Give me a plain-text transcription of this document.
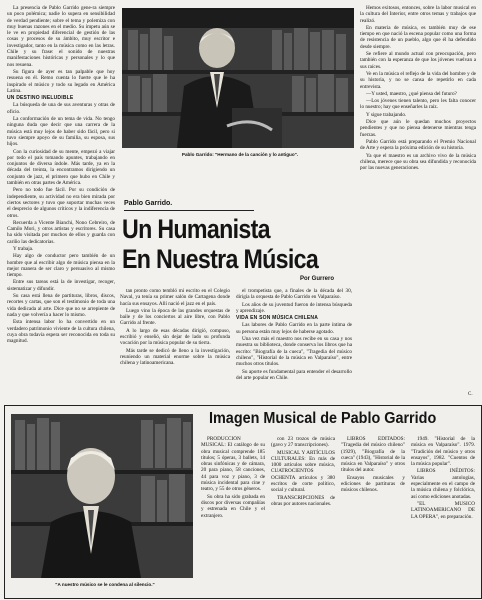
La presencia de Pablo Garrido gene-ra siempre un poco polémica; nadie lo supera en sensibilidad de verdad pendiente; sobre el tema y polemiza con muy buenas razones en el medio. Su ímpetu aún se le ve en propiedad diferencial de gestión de las cosas y procesos de su ámbito, muy escritor e investigador, tanto en la música como en las letras. Chile y su frase: el sonido de nuestras manifestaciones históricas y personales y lo que nos resuena.

Su figura de ayer es tan palpable que hoy resuena en él. Remo cuenta lo fuerte que le ha inspirado el músico y todo su legado en América Latina.

UN DESTINO INELUDIBLE

La búsqueda de una de sus aventuras y otras de oficio.

La conformación de un tema de vida. No tengo ninguna duda que decir que una carrera de la música está muy lejos de haber sido fácil, pero si tuvo siempre apoyo de su familia, su esposa, sus hijos.

Con la curiosidad de su mente, empezó a viajar por todo el país tomando apuntes, trabajando en conjuntos de diversa índole. Más tarde, ya en la década del treinta, la encontramos dirigiendo un conjunto de jazz, el primero que hubo en Chile y también en otras partes de América.

Pero no todo fue fácil. Por su condición de independiente, su actividad no era bien mirada por ciertos sectores y tuvo que soportar muchas veces el desprecio de algunos críticos y la indiferencia de otros.

Recuerda a Vicente Bianchi, Nono Cebreiro, de Camilo Mori, y otros artistas y escritores. Su casa ha sido visitada por muchos de ellos y guarda con cariño las dedicatorias.

Y trabaja.

Hay algo de conductor pero también de un hombre que al escribir algo de música piensa en la mejor manera de ser claro y persuasivo al mismo tiempo.

Entre sus tareas está la de investigar, recoger, sistematizar y difundir.

Su casa está llena de partituras, libros, discos, recortes y cartas, que son el testimonio de toda una vida dedicada al arte. Dice que no se arrepiente de nada y que volvería a hacer lo mismo.

Esta intensa labor lo ha convertido en un verdadero patrimonio viviente de la cultura chilena, cuya obra todavía espera ser reconocida en toda su magnitud.

Pablo Garrido: "Hermano de la canción y lo antiguo".
Pablo Garrido.
Un Humanista
En Nuestra Música
Por Gurrero

tan pronto como tembló mi escrito en el Colegio Naval, ya tenía su primer salón de Cartagena donde hacía sus ensayos. Allí nació el jazz en el país.

Luego vino la época de las grandes orquestas de baile y de los conciertos al aire libre, con Pablo Garrido al frente.

A lo largo de esas décadas dirigió, compuso, escribió y enseñó, sin dejar de lado su profunda vocación por la música popular de su tierra.

Más tarde se dedicó de lleno a la investigación, reuniendo un material enorme sobre la música chilena y latinoamericana.

el trompetista que, a finales de la década del 30, dirigía la orquesta de Pablo Garrido en Valparaíso.

Los años de su juventud fueron de intensa búsqueda y aprendizaje.

VIDA EN SON MÚSICA CHILENA

Las labores de Pablo Garrido en la parte íntima de su persona están muy lejos de haberse agotado.

Una vez más el maestro nos recibe en su casa y nos muestra su biblioteca, donde conserva los libros que ha escrito: "Biografía de la cueca", "Tragedia del músico chileno", "Historial de la música en Valparaíso", entre muchos otros títulos.

Su aporte es fundamental para entender el desarrollo del arte popular en Chile.

Hemos exitosos, entonces, sobre la labor musical en la cultura del Interior, entre otros temas y trabajos que realizó.

En materia de música, es también muy de ese tiempo en que nació la escena popular como una forma de resistencia de un pueblo, algo que él ha defendido desde siempre.

Se refiere al mundo actual con preocupación, pero también con la esperanza de que los jóvenes vuelvan a sus raíces.

Ve en la música el reflejo de la vida del hombre y de su historia, y no se cansa de repetirlo en cada entrevista.

—Y usted, maestro, ¿qué piensa del futuro?

—Los jóvenes tienen talento, pero les falta conocer lo nuestro; hay que enseñarles la raíz.

Y sigue trabajando.

Dice que aún le quedan muchos proyectos pendientes y que no piensa detenerse mientras tenga fuerzas.

Pablo Garrido está preparando el Premio Nacional de Arte y espera la próxima edición de su historia.

Ya que el maestro es un archivo vivo de la música chilena, merece que su obra sea difundida y reconocida por las nuevas generaciones.

C.
"A nuestro músico se le condena al silencio."
Imagen Musical de Pablo Garrido

PRODUCCIÓN MUSICAL: El catálogo de su obra musical comprende 185 títulos; 5 óperas, 3 ballets, 14 obras sinfónicas y de cámara, 20 para piano, 58 canciones, 44 para voz y piano, 3 de música incidental para cine y teatro, y 55 de otros géneros.

Su obra ha sido grabada en discos por diversas compañías y estrenada en Chile y el extranjero.

con 23 trozos de música (gavo y 27 transcripciones).

MUSICAL Y ARTÍCULOS CULTURALES: En más de 1000 artículos sobre música, CUATROCIENTOS OCHENTA artículos y 380 escritos de corte político, social y cultural.

TRANSCRIPCIONES de obras por autores nacionales.

LIBROS EDITADOS: "Tragedia del músico chileno" (1929), "Biografía de la cueca" (1943), "Historial de la música en Valparaíso" y otros títulos del autor.

Ensayos musicales y ediciones de partituras de músicos chilenos.

1949. "Historial de la música en Valparaíso". 1979. "Tradición del músico y otros ensayos", 1982. "Cuentos de la música popular".

LIBROS INÉDITOS: Varias antologías, especialmente en el campo de la música chilena y folclórica, así como ediciones anotadas.

"EL MUSICO LATINOAMERICANO DE LA OPERA", en preparación.
